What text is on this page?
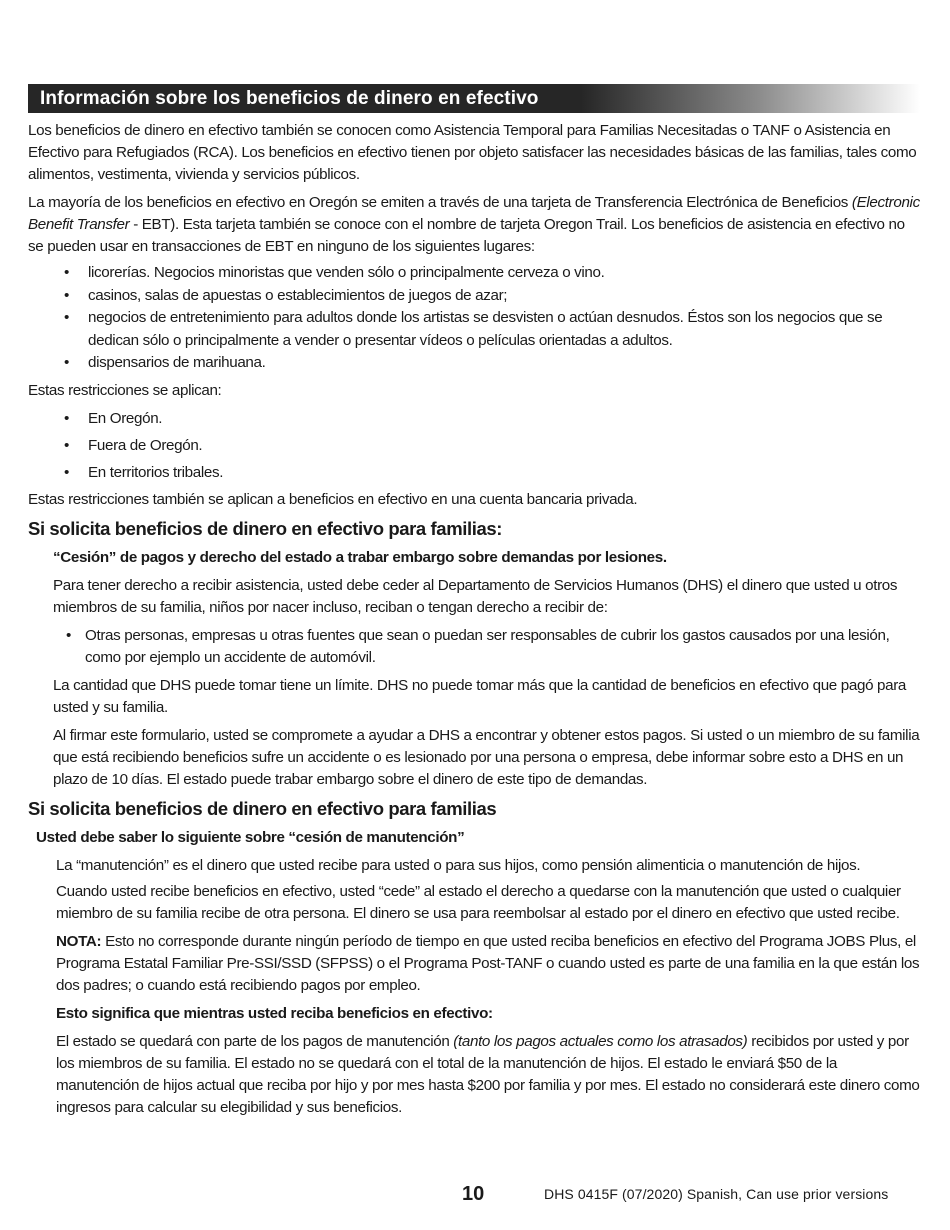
Información sobre los beneficios de dinero en efectivo

Los beneficios de dinero en efectivo también se conocen como Asistencia Temporal para Familias Necesitadas o TANF o Asistencia en Efectivo para Refugiados (RCA). Los beneficios en efectivo tienen por objeto satisfacer las necesidades básicas de las familias, tales como alimentos, vestimenta, vivienda y servicios públicos.

La mayoría de los beneficios en efectivo en Oregón se emiten a través de una tarjeta de Transferencia Electrónica de Beneficios (Electronic Benefit Transfer - EBT). Esta tarjeta también se conoce con el nombre de tarjeta Oregon Trail. Los beneficios de asistencia en efectivo no se pueden usar en transacciones de EBT en ninguno de los siguientes lugares:

• licorerías. Negocios minoristas que venden sólo o principalmente cerveza o vino.
• casinos, salas de apuestas o establecimientos de juegos de azar;
• negocios de entretenimiento para adultos donde los artistas se desvisten o actúan desnudos. Éstos son los negocios que se dedican sólo o principalmente a vender o presentar vídeos o películas orientadas a adultos.
• dispensarios de marihuana.

Estas restricciones se aplican:

• En Oregón.
• Fuera de Oregón.
• En territorios tribales.

Estas restricciones también se aplican a beneficios en efectivo en una cuenta bancaria privada.

Si solicita beneficios de dinero en efectivo para familias:
“Cesión” de pagos y derecho del estado a trabar embargo sobre demandas por lesiones.

Para tener derecho a recibir asistencia, usted debe ceder al Departamento de Servicios Humanos (DHS) el dinero que usted u otros miembros de su familia, niños por nacer incluso, reciban o tengan derecho a recibir de:

• Otras personas, empresas u otras fuentes que sean o puedan ser responsables de cubrir los gastos causados por una lesión, como por ejemplo un accidente de automóvil.

La cantidad que DHS puede tomar tiene un límite. DHS no puede tomar más que la cantidad de beneficios en efectivo que pagó para usted y su familia.

Al firmar este formulario, usted se compromete a ayudar a DHS a encontrar y obtener estos pagos. Si usted o un miembro de su familia que está recibiendo beneficios sufre un accidente o es lesionado por una persona o empresa, debe informar sobre esto a DHS en un plazo de 10 días. El estado puede trabar embargo sobre el dinero de este tipo de demandas.

Si solicita beneficios de dinero en efectivo para familias
Usted debe saber lo siguiente sobre “cesión de manutención”

La “manutención” es el dinero que usted recibe para usted o para sus hijos, como pensión alimenticia o manutención de hijos.

Cuando usted recibe beneficios en efectivo, usted “cede” al estado el derecho a quedarse con la manutención que usted o cualquier miembro de su familia recibe de otra persona. El dinero se usa para reembolsar al estado por el dinero en efectivo que usted recibe.

NOTA: Esto no corresponde durante ningún período de tiempo en que usted reciba beneficios en efectivo del Programa JOBS Plus, el Programa Estatal Familiar Pre-SSI/SSD (SFPSS) o el Programa Post-TANF o cuando usted es parte de una familia en la que están los dos padres; o cuando está recibiendo pagos por empleo.

Esto significa que mientras usted reciba beneficios en efectivo:

El estado se quedará con parte de los pagos de manutención (tanto los pagos actuales como los atrasados) recibidos por usted y por los miembros de su familia. El estado no se quedará con el total de la manutención de hijos. El estado le enviará $50 de la manutención de hijos actual que reciba por hijo y por mes hasta $200 por familia y por mes. El estado no considerará este dinero como ingresos para calcular su elegibilidad y sus beneficios.

10	DHS 0415F (07/2020) Spanish, Can use prior versions
